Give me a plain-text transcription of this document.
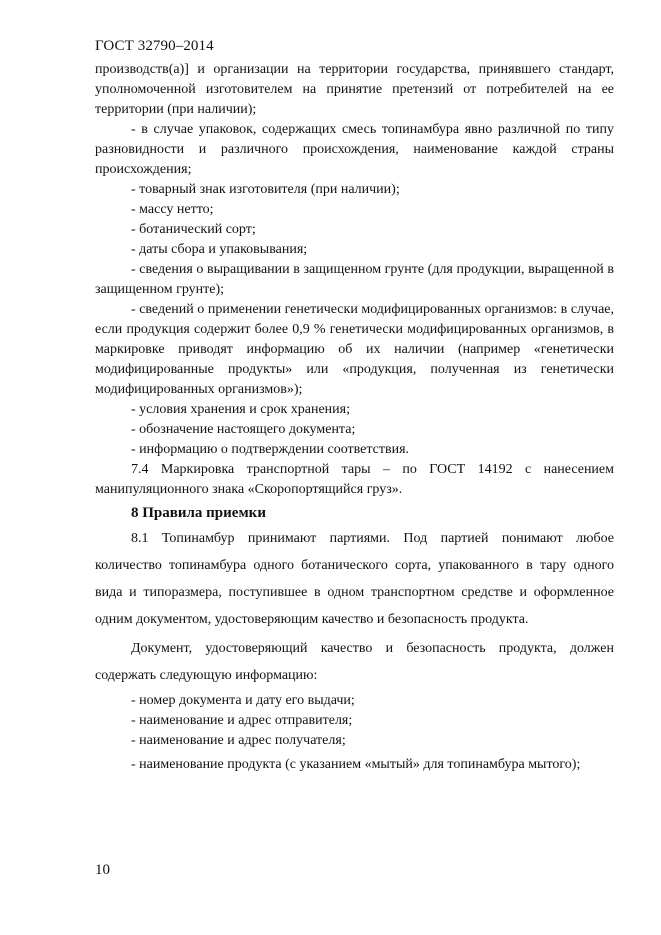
ГОСТ 32790–2014

производств(а)] и организации на территории государства, принявшего стандарт, уполномоченной изготовителем на принятие претензий от потребителей на ее территории (при наличии);

- в случае упаковок, содержащих смесь топинамбура явно различной по типу разновидности и различного происхождения, наименование каждой страны происхождения;

- товарный знак изготовителя (при наличии);

- массу нетто;

- ботанический сорт;

- даты сбора и упаковывания;

- сведения о выращивании в защищенном грунте (для продукции, выращенной в защищенном грунте);

- сведений о применении генетически модифицированных организмов: в случае, если продукция содержит более 0,9 % генетически модифицированных организмов, в маркировке приводят информацию об их наличии (например «генетически модифицированные продукты» или «продукция, полученная из генетически модифицированных организмов»);

- условия хранения и срок хранения;

- обозначение настоящего документа;

- информацию о подтверждении соответствия.

7.4 Маркировка транспортной тары – по ГОСТ 14192 с нанесением манипуляционного знака «Скоропортящийся груз».

8 Правила приемки

8.1 Топинамбур принимают партиями. Под партией понимают любое количество топинамбура одного ботанического сорта, упакованного в тару одного вида и типоразмера, поступившее в одном транспортном средстве и оформленное одним документом, удостоверяющим качество и безопасность продукта.

Документ, удостоверяющий качество и безопасность продукта, должен содержать следующую информацию:

- номер документа и дату его выдачи;

- наименование и адрес отправителя;

- наименование и адрес получателя;

- наименование продукта (с указанием «мытый» для топинамбура мытого);

10
